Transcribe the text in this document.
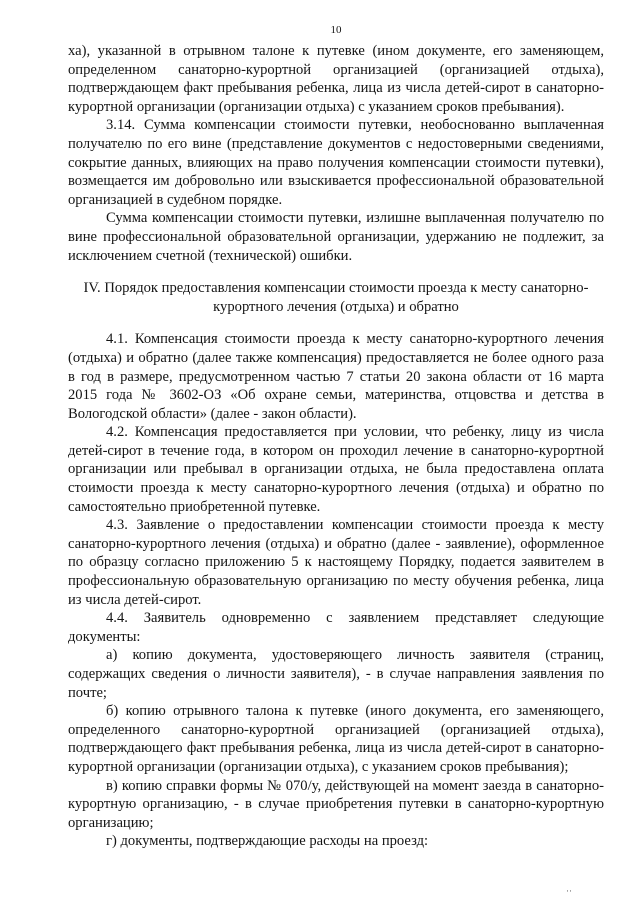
10

ха), указанной в отрывном талоне к путевке (ином документе, его заменяющем, определенном санаторно-курортной организацией (организацией отдыха), подтверждающем факт пребывания ребенка, лица из числа детей-сирот в санаторно-курортной организации (организации отдыха) с указанием сроков пребывания).

3.14. Сумма компенсации стоимости путевки, необоснованно выплаченная получателю по его вине (представление документов с недостоверными сведениями, сокрытие данных, влияющих на право получения компенсации стоимости путевки), возмещается им добровольно или взыскивается профессиональной образовательной организацией в судебном порядке.

Сумма компенсации стоимости путевки, излишне выплаченная получателю по вине профессиональной образовательной организации, удержанию не подлежит, за исключением счетной (технической) ошибки.

IV. Порядок предоставления компенсации стоимости проезда к месту санаторно-курортного лечения (отдыха) и обратно

4.1. Компенсация стоимости проезда к месту санаторно-курортного лечения (отдыха) и обратно (далее также компенсация) предоставляется не более одного раза в год в размере, предусмотренном частью 7 статьи 20 закона области от 16 марта 2015 года № 3602-ОЗ «Об охране семьи, материнства, отцовства и детства в Вологодской области» (далее - закон области).

4.2. Компенсация предоставляется при условии, что ребенку, лицу из числа детей-сирот в течение года, в котором он проходил лечение в санаторно-курортной организации или пребывал в организации отдыха, не была предоставлена оплата стоимости проезда к месту санаторно-курортного лечения (отдыха) и обратно по самостоятельно приобретенной путевке.

4.3. Заявление о предоставлении компенсации стоимости проезда к месту санаторно-курортного лечения (отдыха) и обратно (далее - заявление), оформленное по образцу согласно приложению 5 к настоящему Порядку, подается заявителем в профессиональную образовательную организацию по месту обучения ребенка, лица из числа детей-сирот.

4.4. Заявитель одновременно с заявлением представляет следующие документы:

а) копию документа, удостоверяющего личность заявителя (страниц, содержащих сведения о личности заявителя), - в случае направления заявления по почте;

б) копию отрывного талона к путевке (иного документа, его заменяющего, определенного санаторно-курортной организацией (организацией отдыха), подтверждающего факт пребывания ребенка, лица из числа детей-сирот в санаторно-курортной организации (организации отдыха), с указанием сроков пребывания);

в) копию справки формы № 070/у, действующей на момент заезда в санаторно-курортную организацию, - в случае приобретения путевки в санаторно-курортную организацию;

г) документы, подтверждающие расходы на проезд:

··
